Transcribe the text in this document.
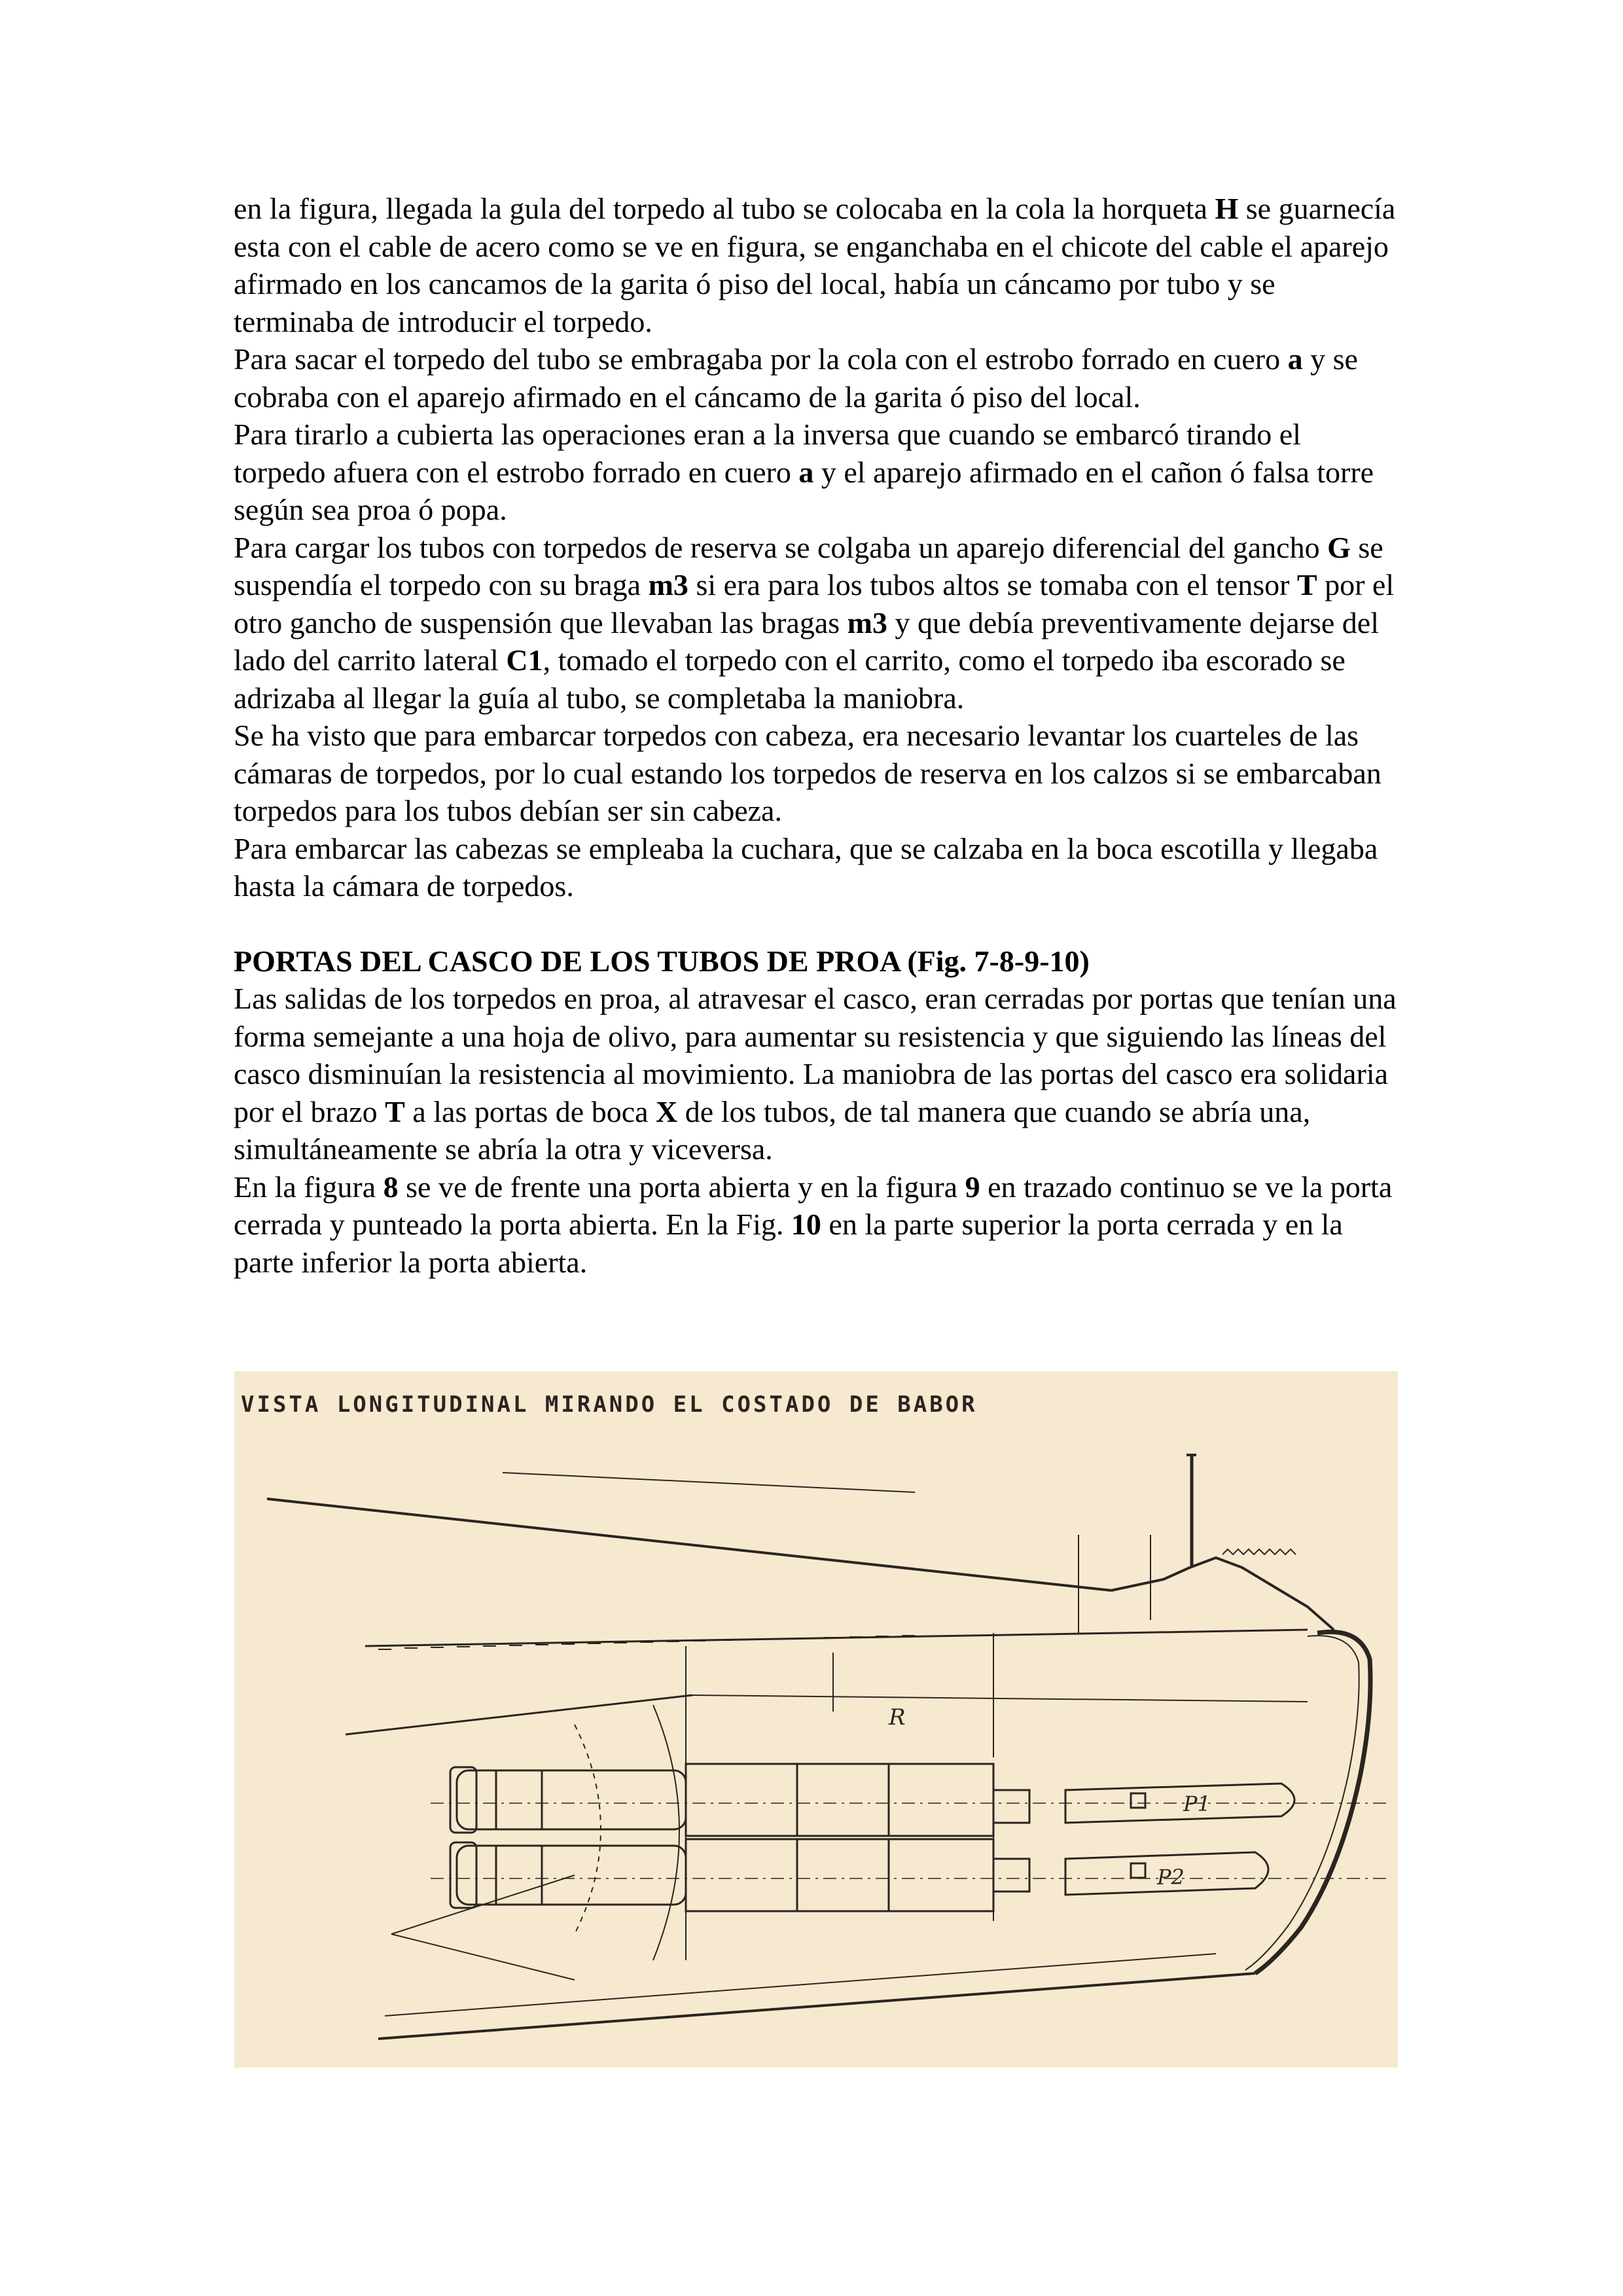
en la figura, llegada la gula del torpedo al tubo se colocaba en la cola la horqueta H se guarnecía esta con el cable de acero como se ve en figura, se enganchaba en el chicote del cable el aparejo afirmado en los cancamos de la garita ó piso del local, había un cáncamo por tubo y se terminaba de introducir el torpedo.

Para sacar el torpedo del tubo se embragaba por la cola con el estrobo forrado en cuero a y se cobraba con el aparejo afirmado en el cáncamo de la garita ó piso del local.

Para tirarlo a cubierta las operaciones eran a la inversa que cuando se embarcó tirando el torpedo afuera con el estrobo forrado en cuero a y el aparejo afirmado en el cañon ó falsa torre según sea proa ó popa.

Para cargar los tubos con torpedos de reserva se colgaba un aparejo diferencial del gancho G se suspendía el torpedo con su braga m3 si era para los tubos altos se tomaba con el tensor T por el otro gancho de suspensión que llevaban las bragas m3 y que debía preventivamente dejarse del lado del carrito lateral C1, tomado el torpedo con el carrito, como el torpedo iba escorado se adrizaba al llegar la guía al tubo, se completaba la maniobra.

Se ha visto que para embarcar torpedos con cabeza, era necesario levantar los cuarteles de las cámaras de torpedos, por lo cual estando los torpedos de reserva en los calzos si se embarcaban torpedos para los tubos debían ser sin cabeza.

Para embarcar las cabezas se empleaba la cuchara, que se calzaba en la boca escotilla y llegaba hasta la cámara de torpedos.

PORTAS DEL CASCO DE LOS TUBOS DE PROA (Fig. 7-8-9-10)

Las salidas de los torpedos en proa, al atravesar el casco, eran cerradas por portas que tenían una forma semejante a una hoja de olivo, para aumentar su resistencia y que siguiendo las líneas del casco disminuían la resistencia al movimiento. La maniobra de las portas del casco era solidaria por el brazo T a las portas de boca X de los tubos, de tal manera que cuando se abría una, simultáneamente se abría la otra y viceversa.

En la figura 8 se ve de frente una porta abierta y en la figura 9 en trazado continuo se ve la porta cerrada y punteado la porta abierta. En la Fig. 10 en la parte superior la porta cerrada y en la parte inferior la porta abierta.

VISTA LONGITUDINAL MIRANDO EL COSTADO DE BABOR
R
P1
P2
